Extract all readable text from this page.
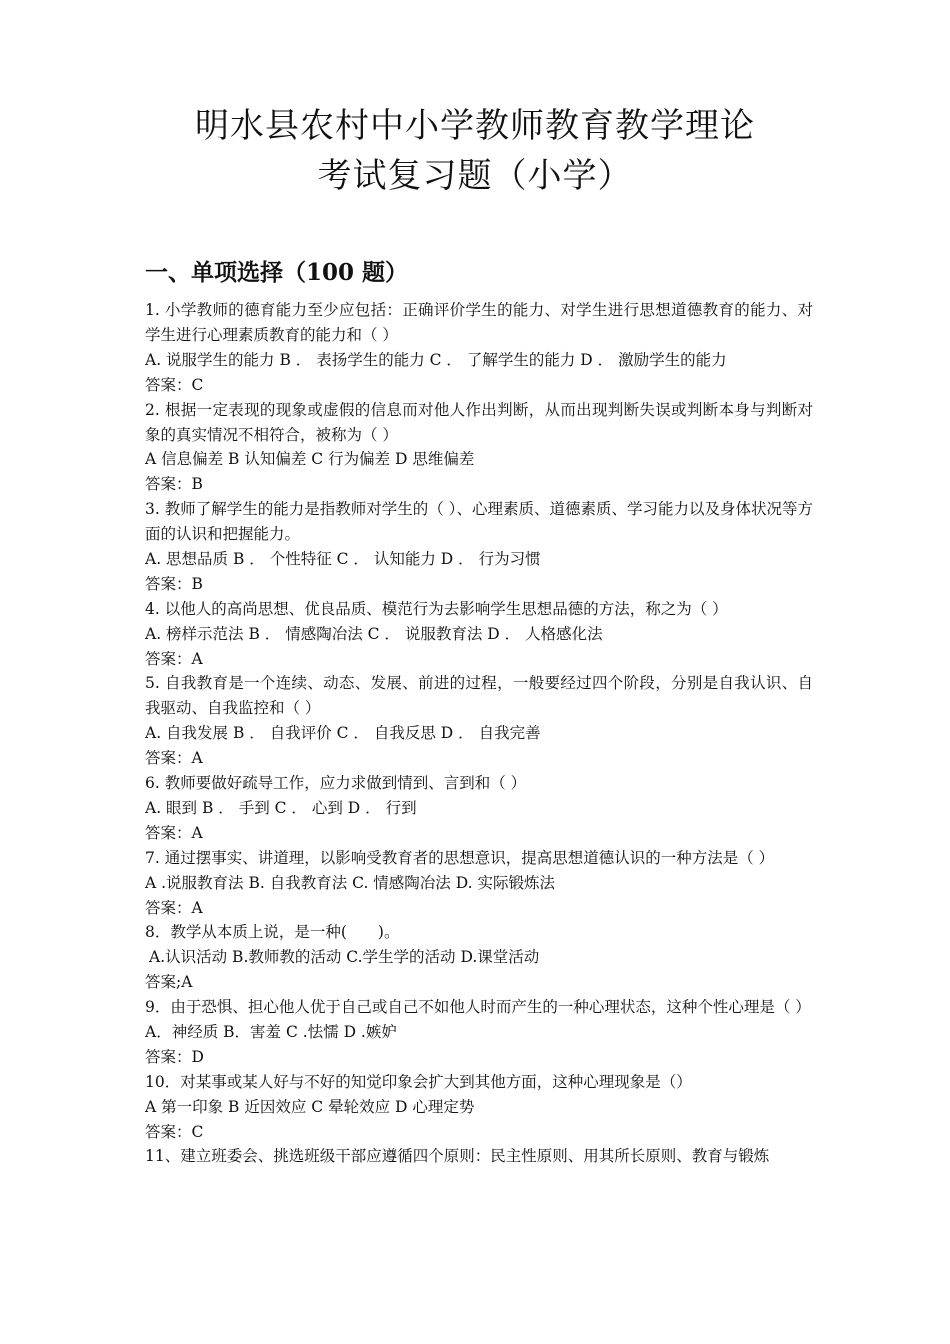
明水县农村中小学教师教育教学理论
考试复习题（小学）
一、单项选择（100 题）
1. 小学教师的德育能力至少应包括：正确评价学生的能力、对学生进行思想道德教育的能力、对学生进行心理素质教育的能力和（ ）
A. 说服学生的能力 B ． 表扬学生的能力 C ． 了解学生的能力 D ． 激励学生的能力
答案：C
2. 根据一定表现的现象或虚假的信息而对他人作出判断，从而出现判断失误或判断本身与判断对象的真实情况不相符合，被称为（ ）
A 信息偏差 B 认知偏差 C 行为偏差 D 思维偏差
答案：B
3. 教师了解学生的能力是指教师对学生的（ ）、心理素质、道德素质、学习能力以及身体状况等方面的认识和把握能力。
A. 思想品质 B ． 个性特征 C ． 认知能力 D ． 行为习惯
答案：B
4. 以他人的高尚思想、优良品质、模范行为去影响学生思想品德的方法，称之为（ ）
A. 榜样示范法 B ． 情感陶冶法 C ． 说服教育法 D ． 人格感化法
答案：A
5. 自我教育是一个连续、动态、发展、前进的过程，一般要经过四个阶段，分别是自我认识、自我驱动、自我监控和（ ）
A. 自我发展 B ． 自我评价 C ． 自我反思 D ． 自我完善
答案：A
6. 教师要做好疏导工作，应力求做到情到、言到和（ ）
A. 眼到 B ． 手到 C ． 心到 D ． 行到
答案：A
7. 通过摆事实、讲道理，以影响受教育者的思想意识，提高思想道德认识的一种方法是（ ）
A .说服教育法 B. 自我教育法 C. 情感陶冶法 D. 实际锻炼法
答案：A
8．教学从本质上说，是一种(　　)。
A.认识活动 B.教师教的活动 C.学生学的活动 D.课堂活动
答案;A
9．由于恐惧、担心他人优于自己或自己不如他人时而产生的一种心理状态，这种个性心理是（ ）
A．神经质 B．害羞 C .怯懦 D .嫉妒
答案：D
10．对某事或某人好与不好的知觉印象会扩大到其他方面，这种心理现象是（）
A 第一印象 B 近因效应 C 晕轮效应 D 心理定势
答案：C
11、建立班委会、挑选班级干部应遵循四个原则：民主性原则、用其所长原则、教育与锻炼
